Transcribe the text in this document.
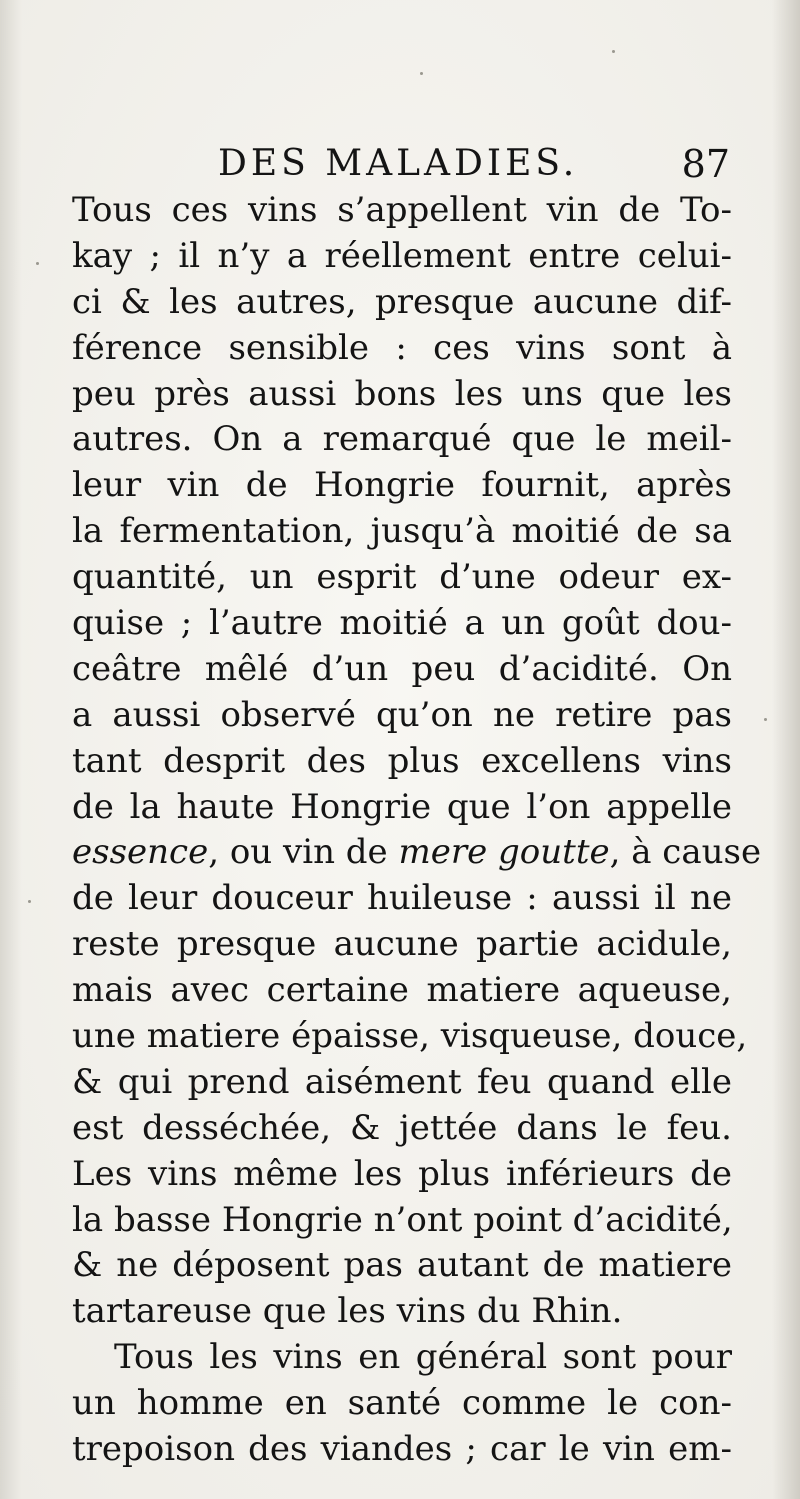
DES MALADIES.	87
Tous ces vins s’appellent vin de To-
kay ; il n’y a réellement entre celui-
ci & les autres, presque aucune dif-
férence sensible : ces vins sont à
peu près aussi bons les uns que les
autres. On a remarqué que le meil-
leur vin de Hongrie fournit, après
la fermentation, jusqu’à moitié de sa
quantité, un esprit d’une odeur ex-
quise ; l’autre moitié a un goût dou-
ceâtre mêlé d’un peu d’acidité. On
a aussi observé qu’on ne retire pas
tant desprit des plus excellens vins
de la haute Hongrie que l’on appelle
essence, ou vin de mere goutte, à cause
de leur douceur huileuse : aussi il ne
reste presque aucune partie acidule,
mais avec certaine matiere aqueuse,
une matiere épaisse, visqueuse, douce,
& qui prend aisément feu quand elle
est desséchée, & jettée dans le feu.
Les vins même les plus inférieurs de
la basse Hongrie n’ont point d’acidité,
& ne déposent pas autant de matiere
tartareuse que les vins du Rhin.
Tous les vins en général sont pour
un homme en santé comme le con-
trepoison des viandes ; car le vin em-
